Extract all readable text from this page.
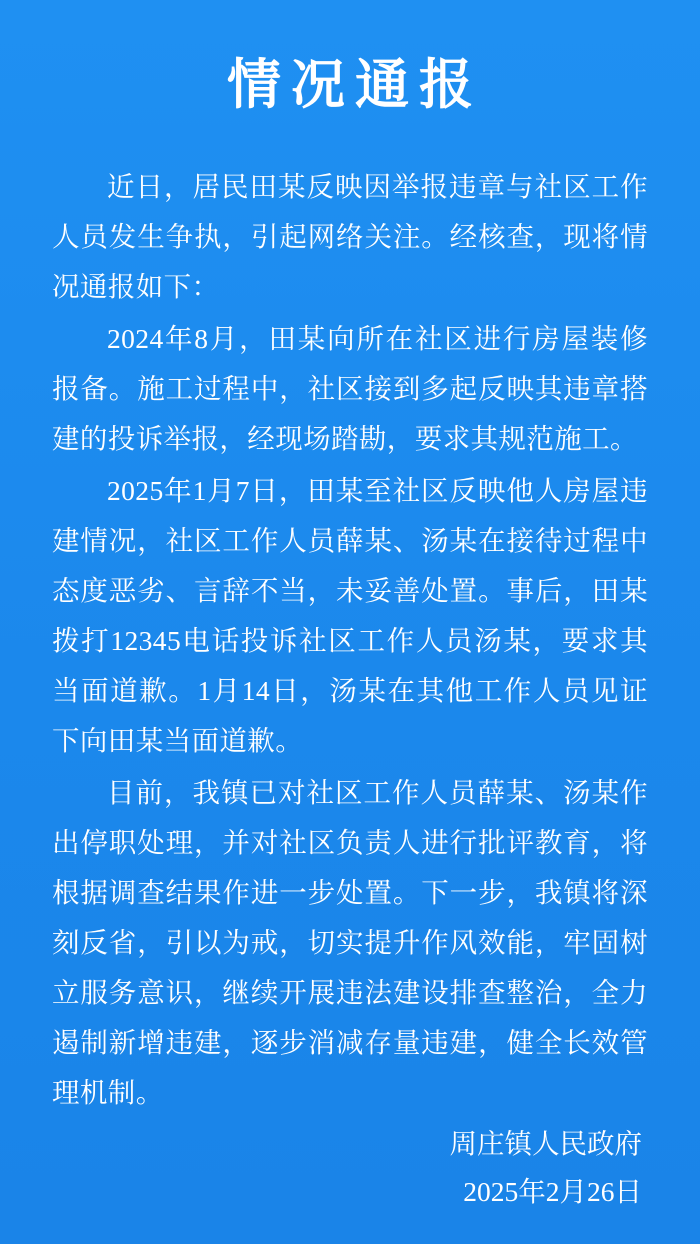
情况通报

近日，居民田某反映因举报违章与社区工作人员发生争执，引起网络关注。经核查，现将情况通报如下：

2024年8月，田某向所在社区进行房屋装修报备。施工过程中，社区接到多起反映其违章搭建的投诉举报，经现场踏勘，要求其规范施工。

2025年1月7日，田某至社区反映他人房屋违建情况，社区工作人员薛某、汤某在接待过程中态度恶劣、言辞不当，未妥善处置。事后，田某拨打12345电话投诉社区工作人员汤某，要求其当面道歉。1月14日，汤某在其他工作人员见证下向田某当面道歉。

目前，我镇已对社区工作人员薛某、汤某作出停职处理，并对社区负责人进行批评教育，将根据调查结果作进一步处置。下一步，我镇将深刻反省，引以为戒，切实提升作风效能，牢固树立服务意识，继续开展违法建设排查整治，全力遏制新增违建，逐步消减存量违建，健全长效管理机制。

周庄镇人民政府
2025年2月26日
